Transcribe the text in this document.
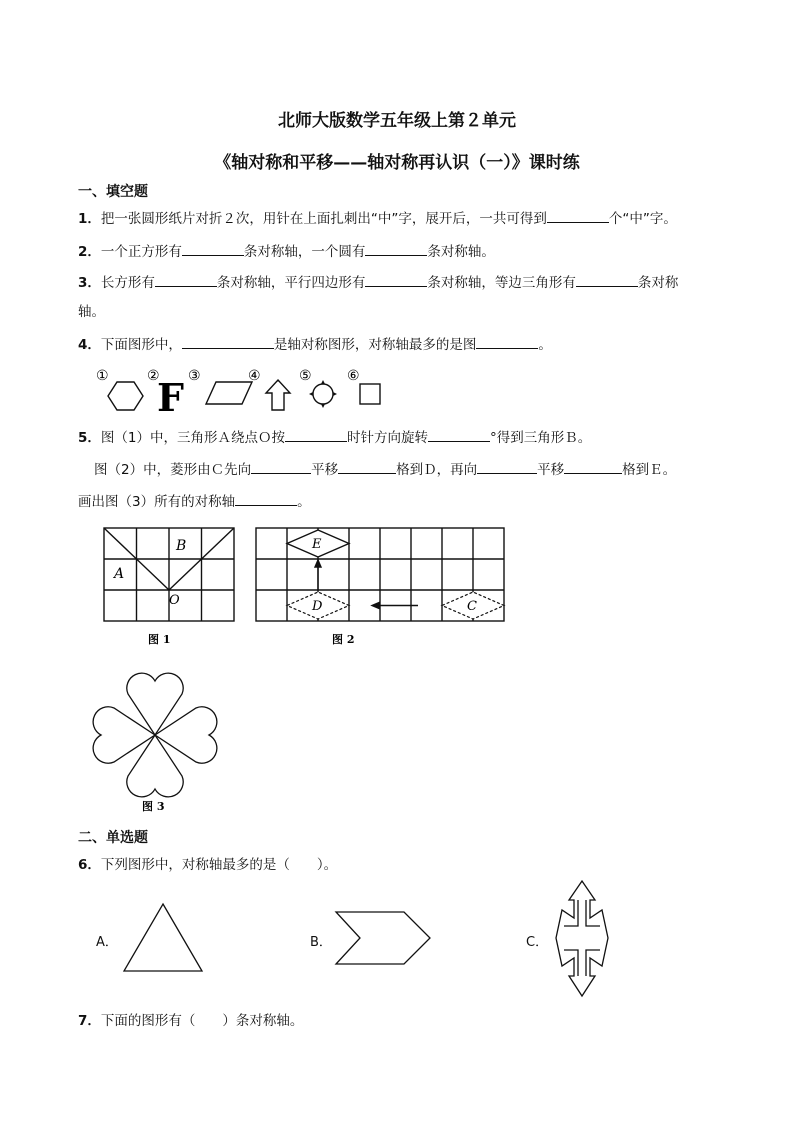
北师大版数学五年级上第２单元
《轴对称和平移——轴对称再认识（一）》课时练
一、填空题
1．把一张圆形纸片对折２次，用针在上面扎刺出“中”字，展开后，一共可得到	个“中”字。
2．一个正方形有	条对称轴，一个圆有	条对称轴。
3．长方形有	条对称轴，平行四边形有	条对称轴，等边三角形有	条对称
轴。
4．下面图形中，	是轴对称图形，对称轴最多的是图	。
①	②
F ③	④	⑤	⑥
5．图（1）中，三角形Ａ绕点Ｏ按	时针方向旋转	°得到三角形Ｂ。
图（2）中，菱形由Ｃ先向	平移	格到Ｄ，再向	平移	格到Ｅ。
画出图（3）所有的对称轴	。
A
B
O
图 1
E
D	C
图 2
图 3
二、单选题
6．下列图形中，对称轴最多的是（　　）。
A．	B．	C．
7．下面的图形有（　　）条对称轴。
